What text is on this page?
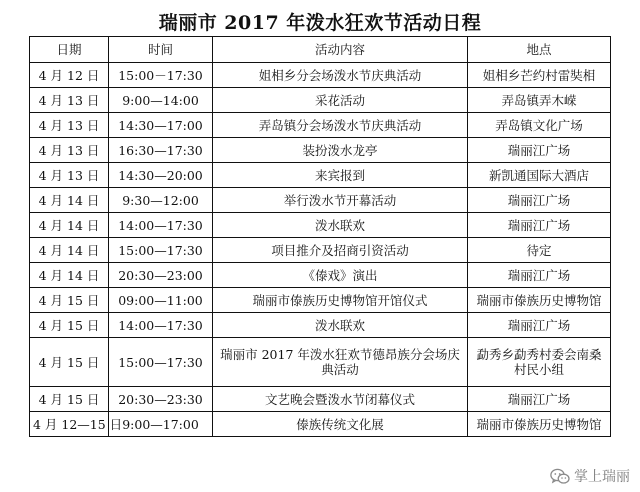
瑞丽市 2017 年泼水狂欢节活动日程
日期	时间	活动内容	地点
4 月 12 日	15:00－17:30	姐相乡分会场泼水节庆典活动	姐相乡芒约村雷奘相
4 月 13 日	9:00—14:00	采花活动	弄岛镇弄木嵘
4 月 13 日	14:30—17:00	弄岛镇分会场泼水节庆典活动	弄岛镇文化广场
4 月 13 日	16:30—17:30	装扮泼水龙亭	瑞丽江广场
4 月 13 日	14:30—20:00	来宾报到	新凯通国际大酒店
4 月 14 日	9:30—12:00	举行泼水节开幕活动	瑞丽江广场
4 月 14 日	14:00—17:30	泼水联欢	瑞丽江广场
4 月 14 日	15:00—17:30	项目推介及招商引资活动	待定
4 月 14 日	20:30—23:00	《傣戏》演出	瑞丽江广场
4 月 15 日	09:00—11:00	瑞丽市傣族历史博物馆开馆仪式	瑞丽市傣族历史博物馆
4 月 15 日	14:00—17:30	泼水联欢	瑞丽江广场
4 月 15 日	15:00—17:30	瑞丽市 2017 年泼水狂欢节德昂族分会场庆典活动	勐秀乡勐秀村委会南桑村民小组
4 月 15 日	20:30—23:30	文艺晚会暨泼水节闭幕仪式	瑞丽江广场
4 月 12—15 日	9:00—17:00	傣族传统文化展	瑞丽市傣族历史博物馆
掌上瑞丽
